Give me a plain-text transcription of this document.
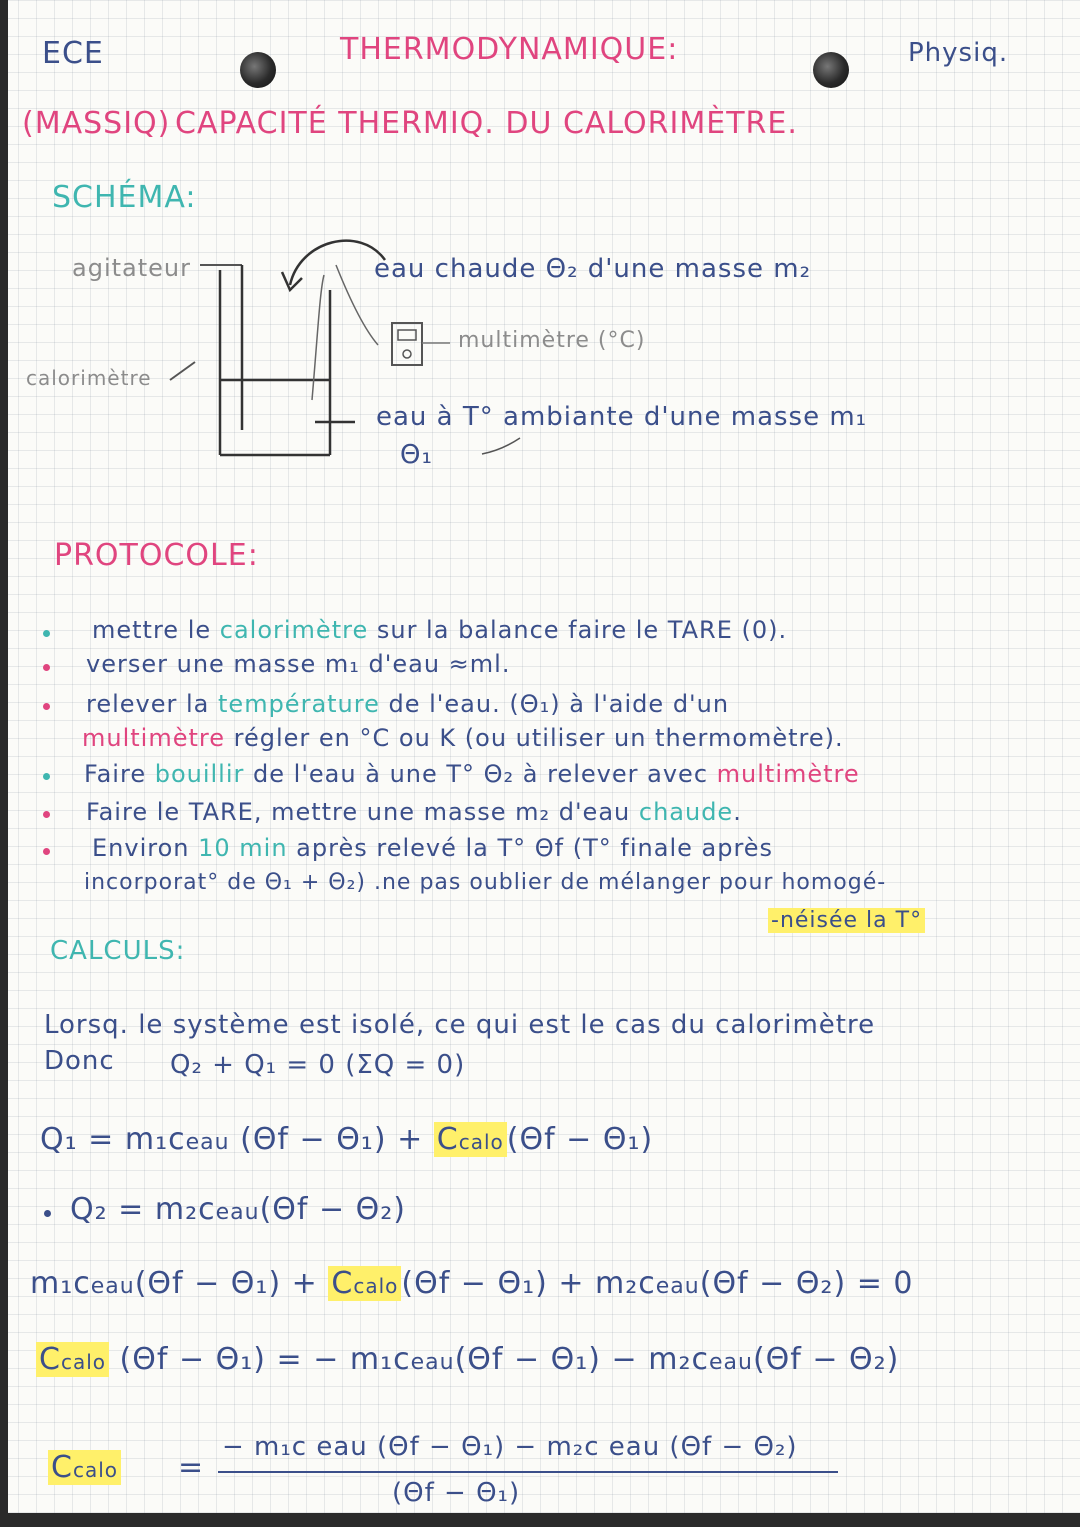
ECE	THERMODYNAMIQUE:	Physiq.
(MASSIQ) CAPACITÉ THERMIQ. DU CALORIMÈTRE.
SCHÉMA:
agitateur
calorimètre
eau chaude Θ₂ d'une masse m₂
multimètre (°C)
eau à T° ambiante d'une masse m₁
Θ₁
PROTOCOLE:
mettre le calorimètre sur la balance faire le TARE (0).
verser une masse m₁ d'eau ≈ml.
relever la température de l'eau. (Θ₁) à l'aide d'un
multimètre régler en °C ou K (ou utiliser un thermomètre).
Faire bouillir de l'eau à une T° Θ₂ à relever avec multimètre
Faire le TARE, mettre une masse m₂ d'eau chaude.
Environ 10 min après relevé la T° Θf (T° finale après
incorporat° de Θ₁ + Θ₂) .ne pas oublier de mélanger pour homogé-
-néisée la T°
CALCULS:
Lorsq. le système est isolé, ce qui est le cas du calorimètre
Donc Q₂ + Q₁ = 0 (ΣQ = 0)
Q₁ = m₁ceau (Θf − Θ₁) + Ccalo (Θf − Θ₁)
Q₂ = m₂ceau(Θf − Θ₂)
m₁ceau(Θf − Θ₁) + Ccalo (Θf − Θ₁) + m₂ceau(Θf − Θ₂) = 0
Ccalo (Θf − Θ₁) = − m₁ceau(Θf − Θ₁) − m₂ceau(Θf − Θ₂)
Ccalo =
− m₁c eau (Θf − Θ₁) − m₂c eau (Θf − Θ₂)
(Θf − Θ₁)
